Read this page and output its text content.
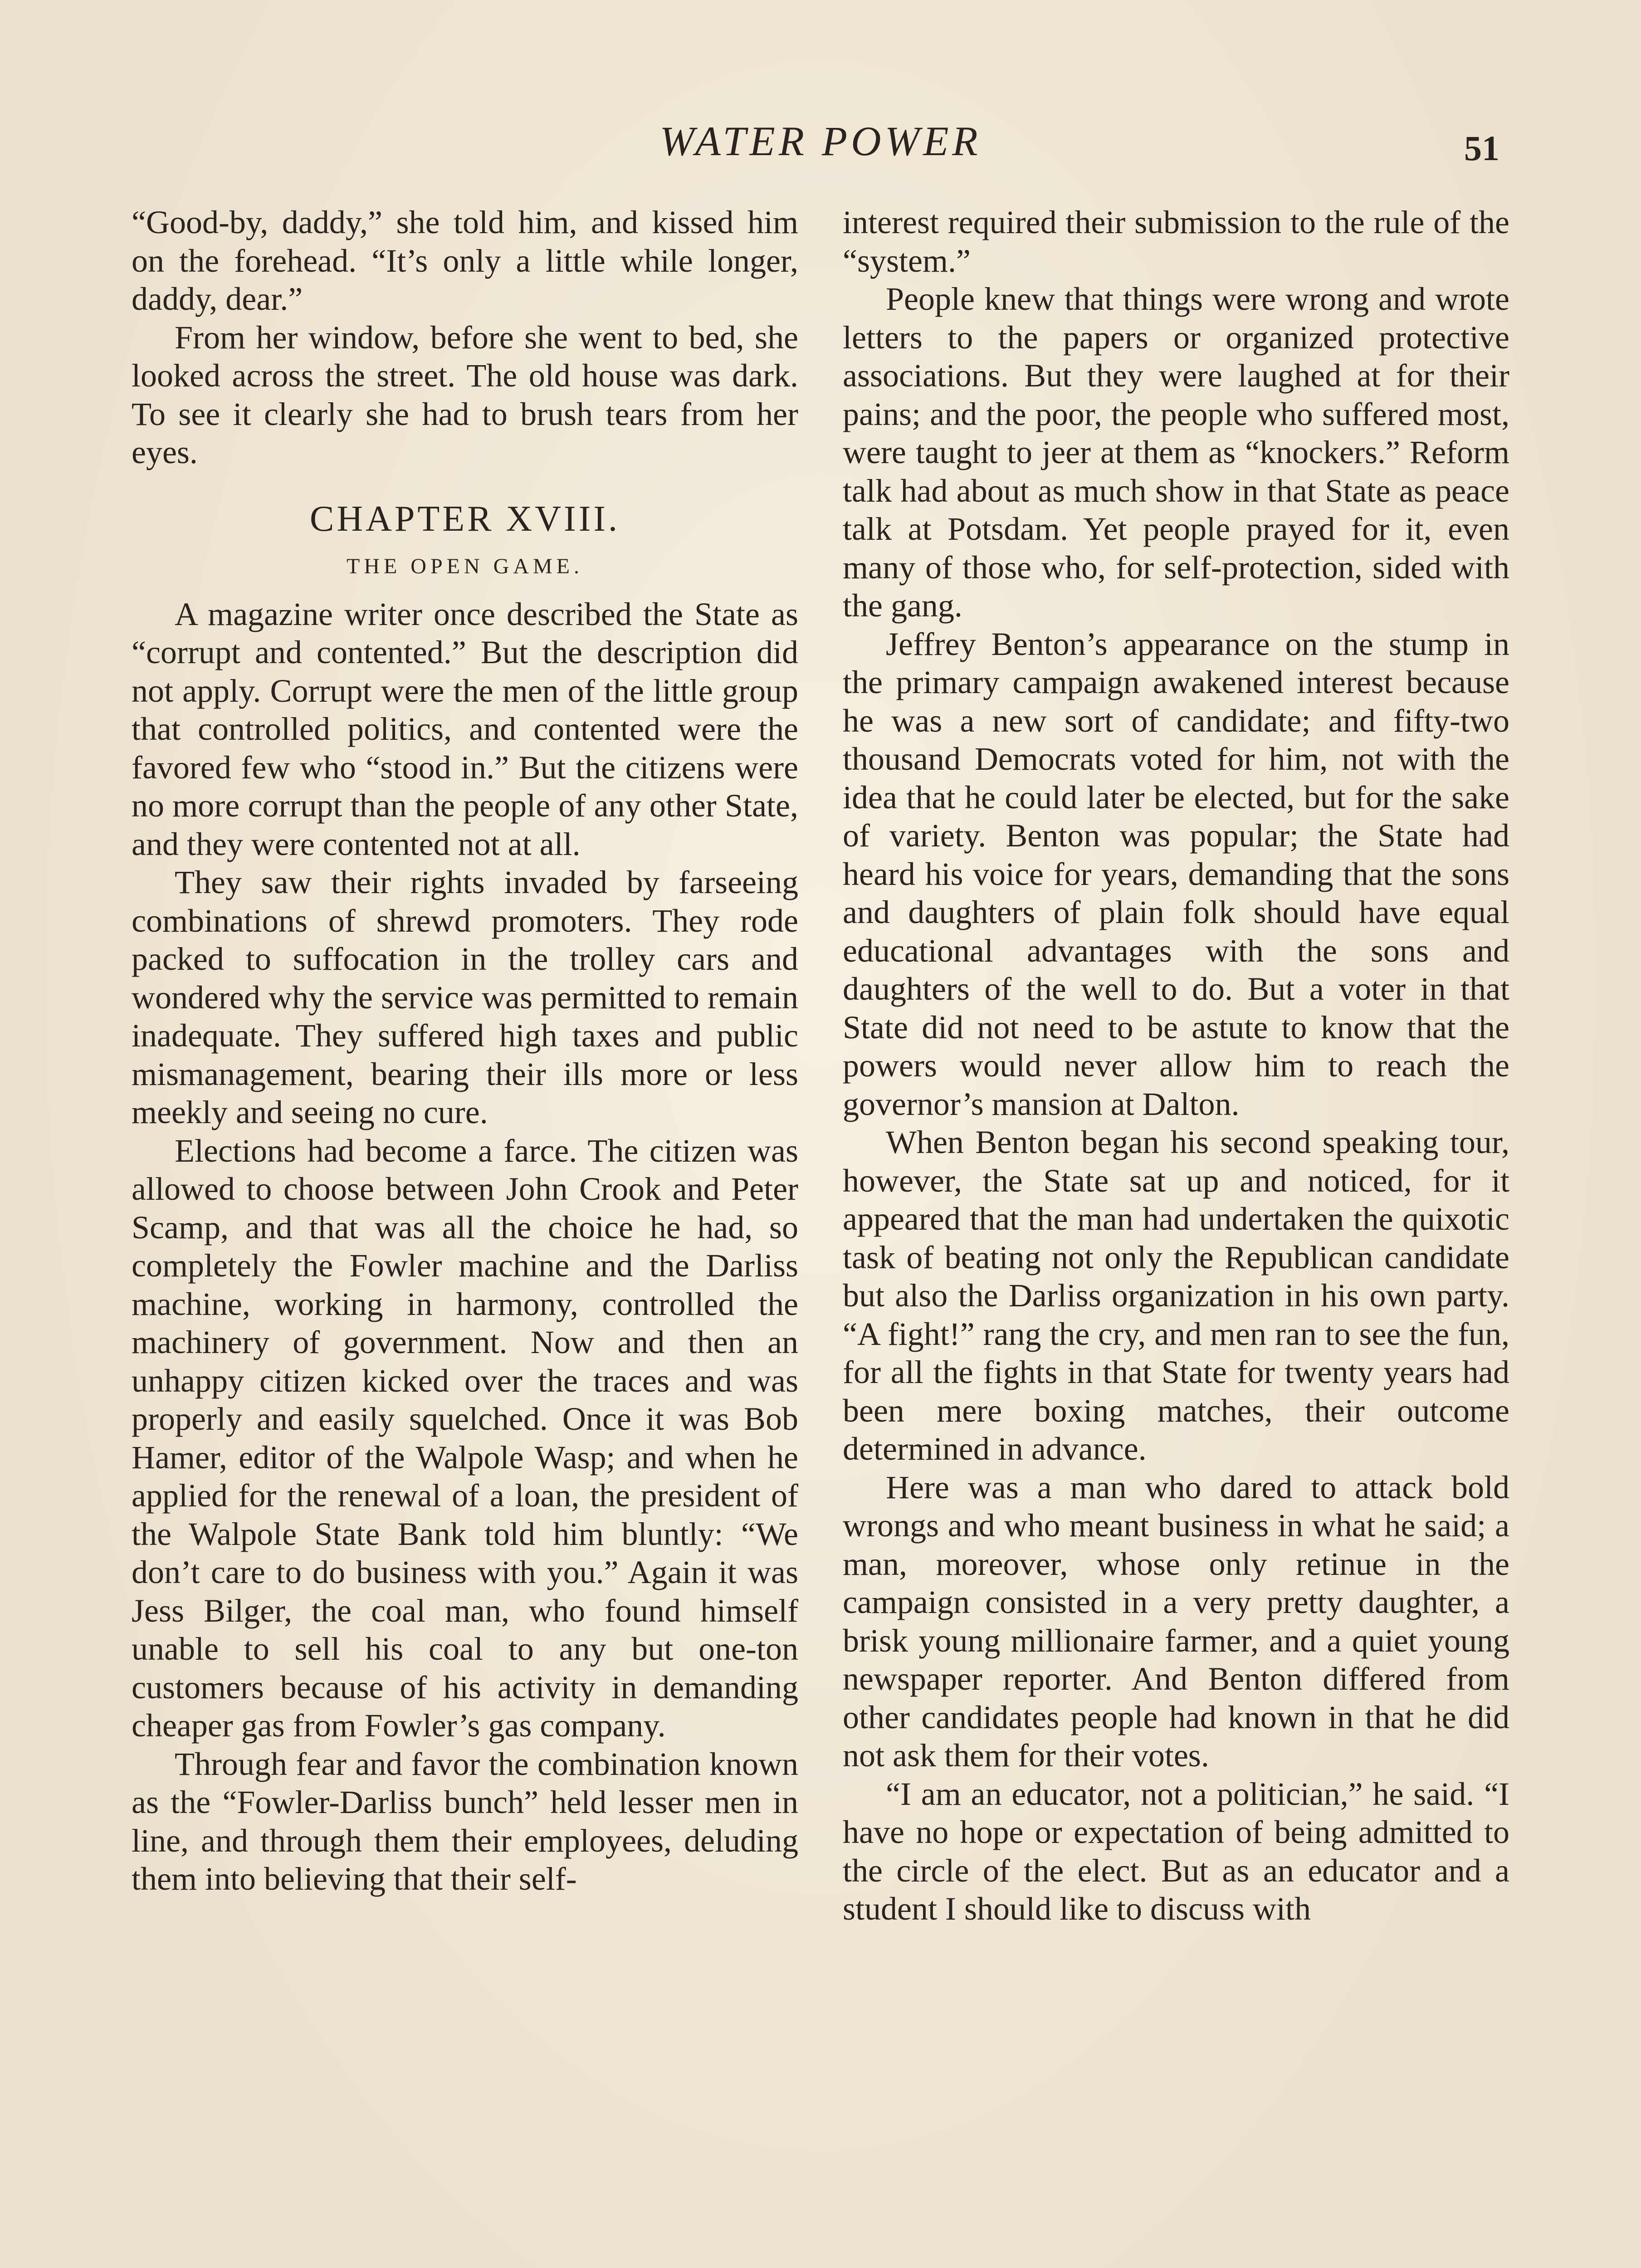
WATER POWER	51

“Good-by, daddy,” she told him, and kissed him on the forehead. “It’s only a little while longer, daddy, dear.”

From her window, before she went to bed, she looked across the street. The old house was dark. To see it clearly she had to brush tears from her eyes.

CHAPTER XVIII.
THE OPEN GAME.

A magazine writer once described the State as “corrupt and contented.” But the description did not apply. Corrupt were the men of the little group that controlled politics, and contented were the favored few who “stood in.” But the citizens were no more corrupt than the people of any other State, and they were contented not at all.

They saw their rights invaded by farseeing combinations of shrewd promoters. They rode packed to suffocation in the trolley cars and wondered why the service was permitted to remain inadequate. They suffered high taxes and public mismanagement, bearing their ills more or less meekly and seeing no cure.

Elections had become a farce. The citizen was allowed to choose between John Crook and Peter Scamp, and that was all the choice he had, so completely the Fowler machine and the Darliss machine, working in harmony, controlled the machinery of government. Now and then an unhappy citizen kicked over the traces and was properly and easily squelched. Once it was Bob Hamer, editor of the Walpole Wasp; and when he applied for the renewal of a loan, the president of the Walpole State Bank told him bluntly: “We don’t care to do business with you.” Again it was Jess Bilger, the coal man, who found himself unable to sell his coal to any but one-ton customers because of his activity in demanding cheaper gas from Fowler’s gas company.

Through fear and favor the combination known as the “Fowler-Darliss bunch” held lesser men in line, and through them their employees, deluding them into believing that their self-

interest required their submission to the rule of the “system.”

People knew that things were wrong and wrote letters to the papers or organized protective associations. But they were laughed at for their pains; and the poor, the people who suffered most, were taught to jeer at them as “knockers.” Reform talk had about as much show in that State as peace talk at Potsdam. Yet people prayed for it, even many of those who, for self-protection, sided with the gang.

Jeffrey Benton’s appearance on the stump in the primary campaign awakened interest because he was a new sort of candidate; and fifty-two thousand Democrats voted for him, not with the idea that he could later be elected, but for the sake of variety. Benton was popular; the State had heard his voice for years, demanding that the sons and daughters of plain folk should have equal educational advantages with the sons and daughters of the well to do. But a voter in that State did not need to be astute to know that the powers would never allow him to reach the governor’s mansion at Dalton.

When Benton began his second speaking tour, however, the State sat up and noticed, for it appeared that the man had undertaken the quixotic task of beating not only the Republican candidate but also the Darliss organization in his own party. “A fight!” rang the cry, and men ran to see the fun, for all the fights in that State for twenty years had been mere boxing matches, their outcome determined in advance.

Here was a man who dared to attack bold wrongs and who meant business in what he said; a man, moreover, whose only retinue in the campaign consisted in a very pretty daughter, a brisk young millionaire farmer, and a quiet young newspaper reporter. And Benton differed from other candidates people had known in that he did not ask them for their votes.

“I am an educator, not a politician,” he said. “I have no hope or expectation of being admitted to the circle of the elect. But as an educator and a student I should like to discuss with
